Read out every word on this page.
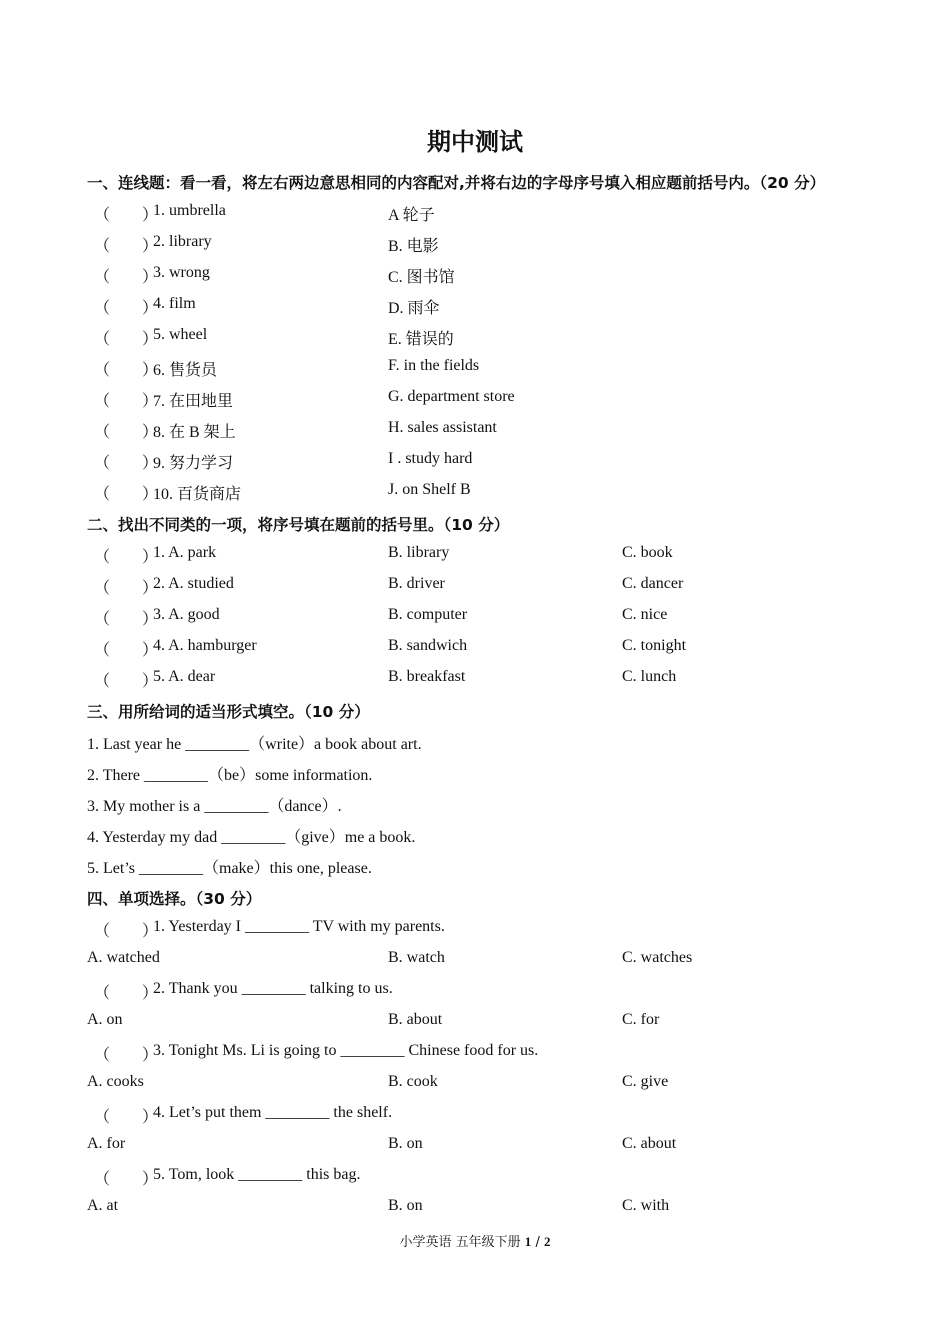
期中测试
一、连线题：看一看，将左右两边意思相同的内容配对,并将右边的字母序号填入相应题前括号内。（20 分）
（　　）
1. umbrella	A 轮子
（　　）
2. library	B. 电影
（　　）
3. wrong	C. 图书馆
（　　）
4. film	D. 雨伞
（　　）
5. wheel	E. 错误的
（　　）
6. 售货员	F. in the fields
（　　）
7. 在田地里	G. department store
（　　）
8. 在 B 架上	H. sales assistant
（　　）
9. 努力学习	I . study hard
（　　）
10. 百货商店	J. on Shelf B
二、找出不同类的一项，将序号填在题前的括号里。（10 分）
（　　）
1. A. park	B. library	C. book
（　　）
2. A. studied	B. driver	C. dancer
（　　）
3. A. good	B. computer	C. nice
（　　）
4. A. hamburger	B. sandwich	C. tonight
（　　）
5. A. dear	B. breakfast	C. lunch
三、用所给词的适当形式填空。（10 分）
1. Last year he ________（write）a book about art.
2. There ________（be）some information.
3. My mother is a ________（dance）.
4. Yesterday my dad ________（give）me a book.
5. Let’s ________（make）this one, please.
四、单项选择。（30 分）
（　　）
1. Yesterday I ________ TV with my parents.
A. watched	B. watch	C. watches
（　　）
2. Thank you ________ talking to us.
A. on	B. about	C. for
（　　）
3. Tonight Ms. Li is going to ________ Chinese food for us.
A. cooks	B. cook	C. give
（　　）
4. Let’s put them ________ the shelf.
A. for	B. on	C. about
（　　）
5. Tom, look ________ this bag.
A. at	B. on	C. with
小学英语 五年级下册 1 / 2
